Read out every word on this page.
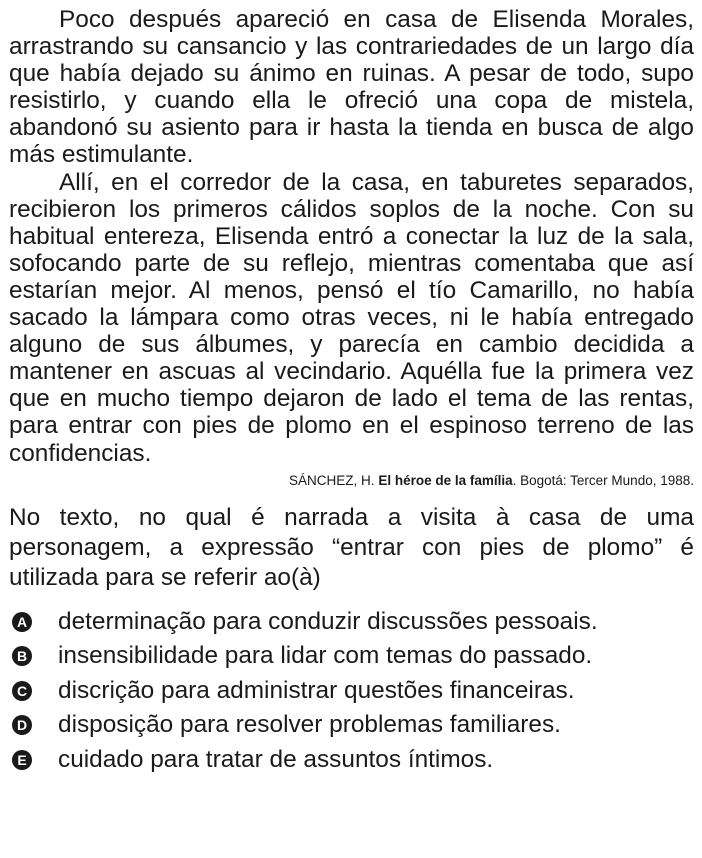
Poco después apareció en casa de Elisenda Morales, arrastrando su cansancio y las contrariedades de un largo día que había dejado su ánimo en ruinas. A pesar de todo, supo resistirlo, y cuando ella le ofreció una copa de mistela, abandonó su asiento para ir hasta la tienda en busca de algo más estimulante.

Allí, en el corredor de la casa, en taburetes separados, recibieron los primeros cálidos soplos de la noche. Con su habitual entereza, Elisenda entró a conectar la luz de la sala, sofocando parte de su reflejo, mientras comentaba que así estarían mejor. Al menos, pensó el tío Camarillo, no había sacado la lámpara como otras veces, ni le había entregado alguno de sus álbumes, y parecía en cambio decidida a mantener en ascuas al vecindario. Aquélla fue la primera vez que en mucho tiempo dejaron de lado el tema de las rentas, para entrar con pies de plomo en el espinoso terreno de las confidencias.

SÁNCHEZ, H. El héroe de la família. Bogotá: Tercer Mundo, 1988.
No texto, no qual é narrada a visita à casa de uma personagem, a expressão “entrar con pies de plomo” é utilizada para se referir ao(à)
A determinação para conduzir discussões pessoais.
B insensibilidade para lidar com temas do passado.
C discrição para administrar questões financeiras.
D disposição para resolver problemas familiares.
E cuidado para tratar de assuntos íntimos.
